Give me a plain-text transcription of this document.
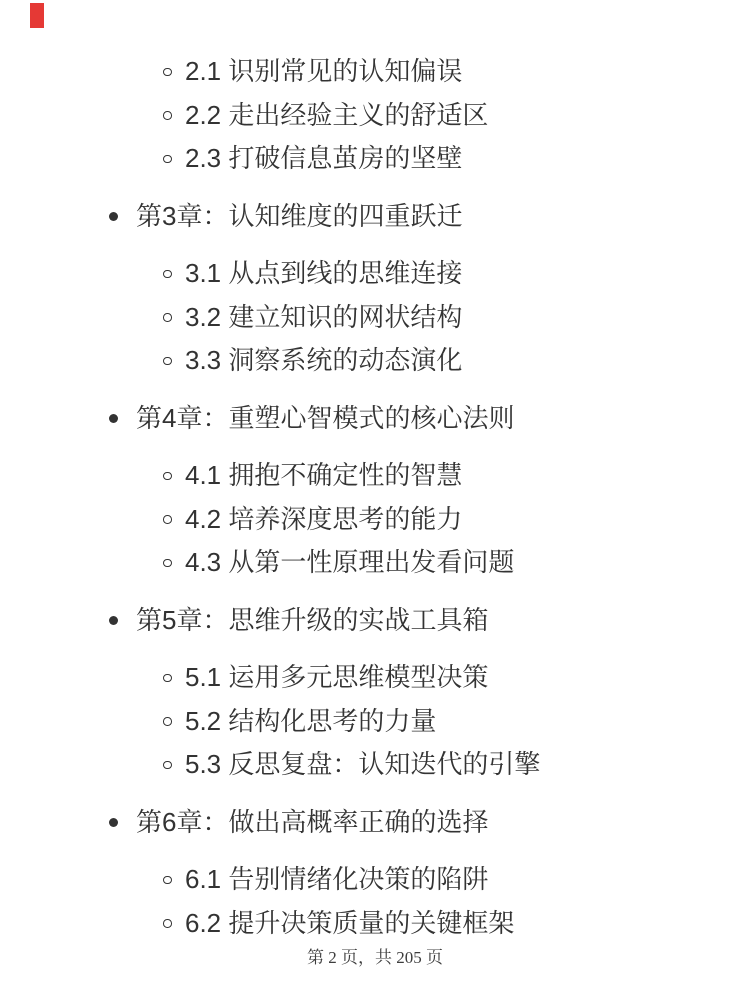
2.1 识别常见的认知偏误
2.2 走出经验主义的舒适区
2.3 打破信息茧房的坚壁
第3章：认知维度的四重跃迁
3.1 从点到线的思维连接
3.2 建立知识的网状结构
3.3 洞察系统的动态演化
第4章：重塑心智模式的核心法则
4.1 拥抱不确定性的智慧
4.2 培养深度思考的能力
4.3 从第一性原理出发看问题
第5章：思维升级的实战工具箱
5.1 运用多元思维模型决策
5.2 结构化思考的力量
5.3 反思复盘：认知迭代的引擎
第6章：做出高概率正确的选择
6.1 告别情绪化决策的陷阱
6.2 提升决策质量的关键框架
第 2 页，共 205 页
